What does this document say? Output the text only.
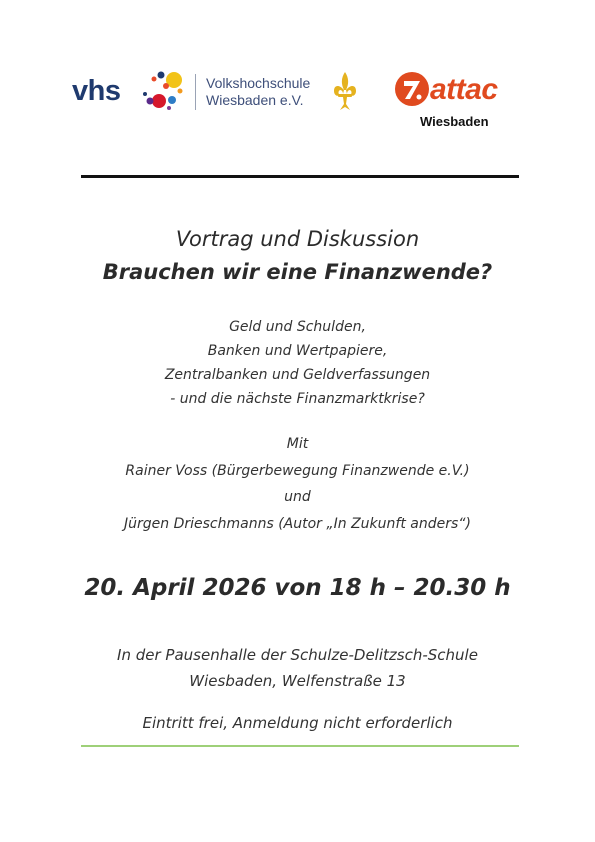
vhs	Volkshochschule
Wiesbaden e.V.	attac
Wiesbaden
Vortrag und Diskussion
Brauchen wir eine Finanzwende?
Geld und Schulden,
Banken und Wertpapiere,
Zentralbanken und Geldverfassungen
- und die nächste Finanzmarktkrise?
Mit
Rainer Voss (Bürgerbewegung Finanzwende e.V.)
und
Jürgen Drieschmanns (Autor „In Zukunft anders“)
20. April 2026 von 18 h – 20.30 h
In der Pausenhalle der Schulze-Delitzsch-Schule
Wiesbaden, Welfenstraße 13
Eintritt frei, Anmeldung nicht erforderlich
